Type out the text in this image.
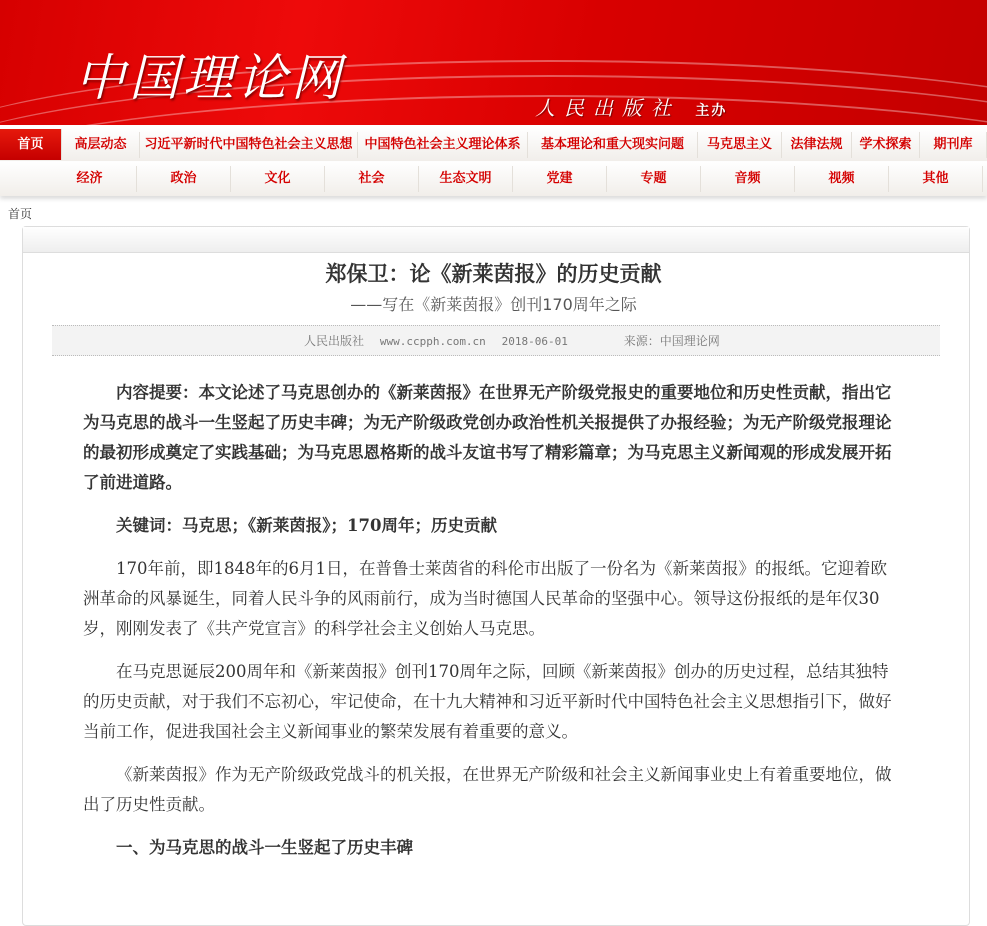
中国理论网
人民出版社 主办
首页	高层动态	习近平新时代中国特色社会主义思想 中国特色社会主义理论体系	基本理论和重大现实问题	马克思主义	法律法规	学术探索	期刊库
经济	政治	文化	社会	生态文明	党建	专题	音频	视频	其他
首页
郑保卫：论《新莱茵报》的历史贡献
——写在《新莱茵报》创刊170周年之际
人民出版社 www.ccpph.com.cn 2018-06-01	来源：中国理论网

内容提要：本文论述了马克思创办的《新莱茵报》在世界无产阶级党报史的重要地位和历史性贡献，指出它为马克思的战斗一生竖起了历史丰碑；为无产阶级政党创办政治性机关报提供了办报经验；为无产阶级党报理论的最初形成奠定了实践基础；为马克思恩格斯的战斗友谊书写了精彩篇章；为马克思主义新闻观的形成发展开拓了前进道路。

关键词：马克思；《新莱茵报》；170周年；历史贡献

170年前，即1848年的6月1日，在普鲁士莱茵省的科伦市出版了一份名为《新莱茵报》的报纸。它迎着欧洲革命的风暴诞生，同着人民斗争的风雨前行，成为当时德国人民革命的坚强中心。领导这份报纸的是年仅30岁，刚刚发表了《共产党宣言》的科学社会主义创始人马克思。

在马克思诞辰200周年和《新莱茵报》创刊170周年之际，回顾《新莱茵报》创办的历史过程，总结其独特的历史贡献，对于我们不忘初心，牢记使命，在十九大精神和习近平新时代中国特色社会主义思想指引下，做好当前工作，促进我国社会主义新闻事业的繁荣发展有着重要的意义。

《新莱茵报》作为无产阶级政党战斗的机关报，在世界无产阶级和社会主义新闻事业史上有着重要地位，做出了历史性贡献。

一、为马克思的战斗一生竖起了历史丰碑
